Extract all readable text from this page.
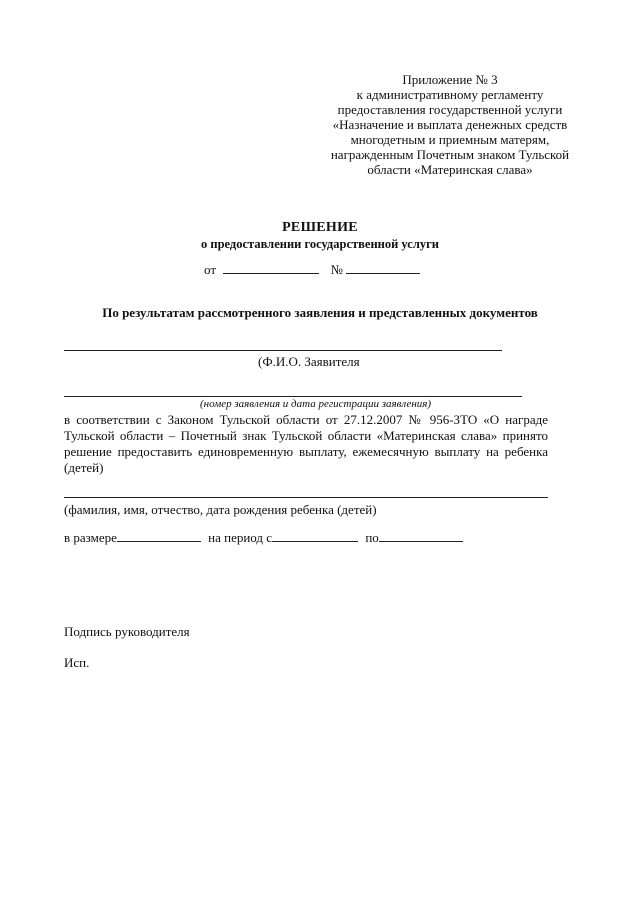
Приложение № 3
к административному регламенту
предоставления государственной услуги
«Назначение и выплата денежных средств
многодетным и приемным матерям,
награжденным Почетным знаком Тульской
области «Материнская слава»
РЕШЕНИЕ
о предоставлении государственной услуги
от	№
По результатам рассмотренного заявления и представленных документов
(Ф.И.О. Заявителя
(номер заявления и дата регистрации заявления)
в соответствии с Законом Тульской области от 27.12.2007 № 956-ЗТО «О награде Тульской области – Почетный знак Тульской области «Материнская слава» принято решение предоставить единовременную выплату, ежемесячную выплату на ребенка (детей)
(фамилия, имя, отчество, дата рождения ребенка (детей)
в размере	на период с	по
Подпись руководителя
Исп.
